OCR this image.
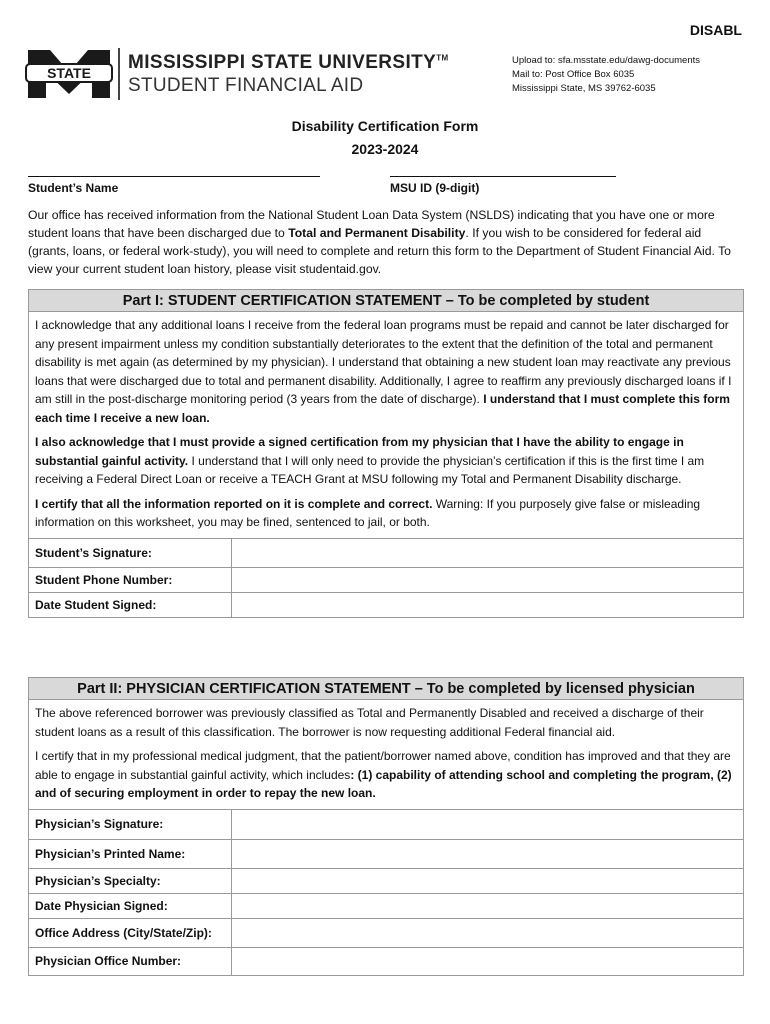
DISABL
STATE MISSISSIPPI STATE UNIVERSITY™
STUDENT FINANCIAL AID
Upload to: sfa.msstate.edu/dawg-documents
Mail to: Post Office Box 6035
Mississippi State, MS 39762-6035
Disability Certification Form
2023-2024
Student’s Name	MSU ID (9-digit)
Our office has received information from the National Student Loan Data System (NSLDS) indicating that you have one or more student loans that have been discharged due to Total and Permanent Disability. If you wish to be considered for federal aid (grants, loans, or federal work-study), you will need to complete and return this form to the Department of Student Financial Aid. To view your current student loan history, please visit studentaid.gov.
Part I: STUDENT CERTIFICATION STATEMENT – To be completed by student

I acknowledge that any additional loans I receive from the federal loan programs must be repaid and cannot be later discharged for any present impairment unless my condition substantially deteriorates to the extent that the definition of the total and permanent disability is met again (as determined by my physician). I understand that obtaining a new student loan may reactivate any previous loans that were discharged due to total and permanent disability. Additionally, I agree to reaffirm any previously discharged loans if I am still in the post-discharge monitoring period (3 years from the date of discharge). I understand that I must complete this form each time I receive a new loan.

I also acknowledge that I must provide a signed certification from my physician that I have the ability to engage in substantial gainful activity. I understand that I will only need to provide the physician’s certification if this is the first time I am receiving a Federal Direct Loan or receive a TEACH Grant at MSU following my Total and Permanent Disability discharge.

I certify that all the information reported on it is complete and correct. Warning: If you purposely give false or misleading information on this worksheet, you may be fined, sentenced to jail, or both.

Student’s Signature:	
Student Phone Number:	
Date Student Signed:	
Part II: PHYSICIAN CERTIFICATION STATEMENT – To be completed by licensed physician

The above referenced borrower was previously classified as Total and Permanently Disabled and received a discharge of their student loans as a result of this classification. The borrower is now requesting additional Federal financial aid.

I certify that in my professional medical judgment, that the patient/borrower named above, condition has improved and that they are able to engage in substantial gainful activity, which includes: (1) capability of attending school and completing the program, (2) and of securing employment in order to repay the new loan.

Physician’s Signature:	
Physician’s Printed Name:	
Physician’s Specialty:	
Date Physician Signed:	
Office Address (City/State/Zip):	
Physician Office Number:	
